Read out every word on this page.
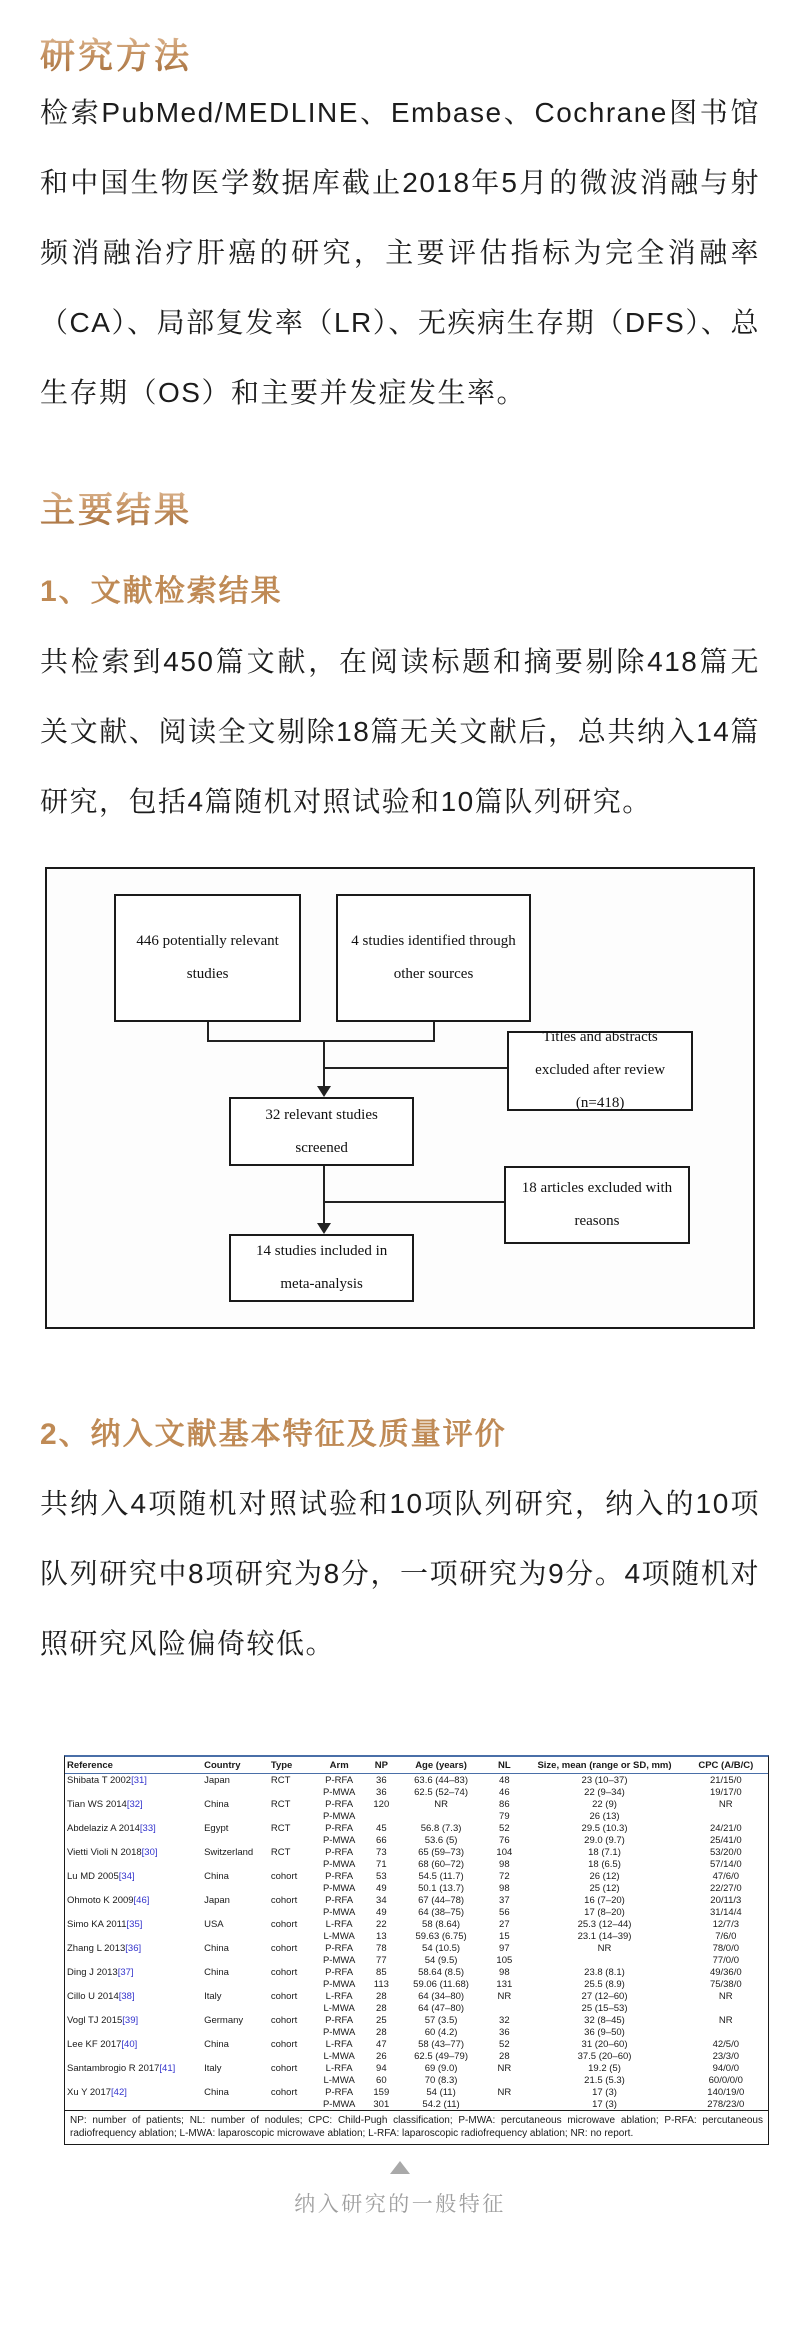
研究方法

检索PubMed/MEDLINE、Embase、Cochrane图书馆和中国生物医学数据库截止2018年5月的微波消融与射频消融治疗肝癌的研究，主要评估指标为完全消融率（CA）、局部复发率（LR）、无疾病生存期（DFS）、总生存期（OS）和主要并发症发生率。

主要结果
1、文献检索结果

共检索到450篇文献，在阅读标题和摘要剔除418篇无关文献、阅读全文剔除18篇无关文献后，总共纳入14篇研究，包括4篇随机对照试验和10篇队列研究。

446 potentially relevant studies
4 studies identified through other sources
Titles and abstracts excluded after review (n=418)
32 relevant studies screened
18 articles excluded with reasons
14 studies included in meta-analysis
2、纳入文献基本特征及质量评价

共纳入4项随机对照试验和10项队列研究，纳入的10项队列研究中8项研究为8分，一项研究为9分。4项随机对照研究风险偏倚较低。

Reference	Country	Type	Arm	NP	Age (years)	NL	Size, mean (range or SD, mm)	CPC (A/B/C)
Shibata T 2002[31]	Japan	RCT	P-RFA	36	63.6 (44–83)	48	23 (10–37)	21/15/0
			P-MWA	36	62.5 (52–74)	46	22 (9–34)	19/17/0
Tian WS 2014[32]	China	RCT	P-RFA	120	NR	86	22 (9)	NR
			P-MWA			79	26 (13)	
Abdelaziz A 2014[33]	Egypt	RCT	P-RFA	45	56.8 (7.3)	52	29.5 (10.3)	24/21/0
			P-MWA	66	53.6 (5)	76	29.0 (9.7)	25/41/0
Vietti Violi N 2018[30]	Switzerland	RCT	P-RFA	73	65 (59–73)	104	18 (7.1)	53/20/0
			P-MWA	71	68 (60–72)	98	18 (6.5)	57/14/0
Lu MD 2005[34]	China	cohort	P-RFA	53	54.5 (11.7)	72	26 (12)	47/6/0
			P-MWA	49	50.1 (13.7)	98	25 (12)	22/27/0
Ohmoto K 2009[46]	Japan	cohort	P-RFA	34	67 (44–78)	37	16 (7–20)	20/11/3
			P-MWA	49	64 (38–75)	56	17 (8–20)	31/14/4
Simo KA 2011[35]	USA	cohort	L-RFA	22	58 (8.64)	27	25.3 (12–44)	12/7/3
			L-MWA	13	59.63 (6.75)	15	23.1 (14–39)	7/6/0
Zhang L 2013[36]	China	cohort	P-RFA	78	54 (10.5)	97	NR	78/0/0
			P-MWA	77	54 (9.5)	105		77/0/0
Ding J 2013[37]	China	cohort	P-RFA	85	58.64 (8.5)	98	23.8 (8.1)	49/36/0
			P-MWA	113	59.06 (11.68)	131	25.5 (8.9)	75/38/0
Cillo U 2014[38]	Italy	cohort	L-RFA	28	64 (34–80)	NR	27 (12–60)	NR
			L-MWA	28	64 (47–80)		25 (15–53)	
Vogl TJ 2015[39]	Germany	cohort	P-RFA	25	57 (3.5)	32	32 (8–45)	NR
			P-MWA	28	60 (4.2)	36	36 (9–50)	
Lee KF 2017[40]	China	cohort	L-RFA	47	58 (43–77)	52	31 (20–60)	42/5/0
			L-MWA	26	62.5 (49–79)	28	37.5 (20–60)	23/3/0
Santambrogio R 2017[41]	Italy	cohort	L-RFA	94	69 (9.0)	NR	19.2 (5)	94/0/0
			L-MWA	60	70 (8.3)		21.5 (5.3)	60/0/0/0
Xu Y 2017[42]	China	cohort	P-RFA	159	54 (11)	NR	17 (3)	140/19/0
			P-MWA	301	54.2 (11)		17 (3)	278/23/0
NP: number of patients; NL: number of nodules; CPC: Child-Pugh classification; P-MWA: percutaneous microwave ablation; P-RFA: percutaneous radiofrequency ablation; L-MWA: laparoscopic microwave ablation; L-RFA: laparoscopic radiofrequency ablation; NR: no report.
纳入研究的一般特征
